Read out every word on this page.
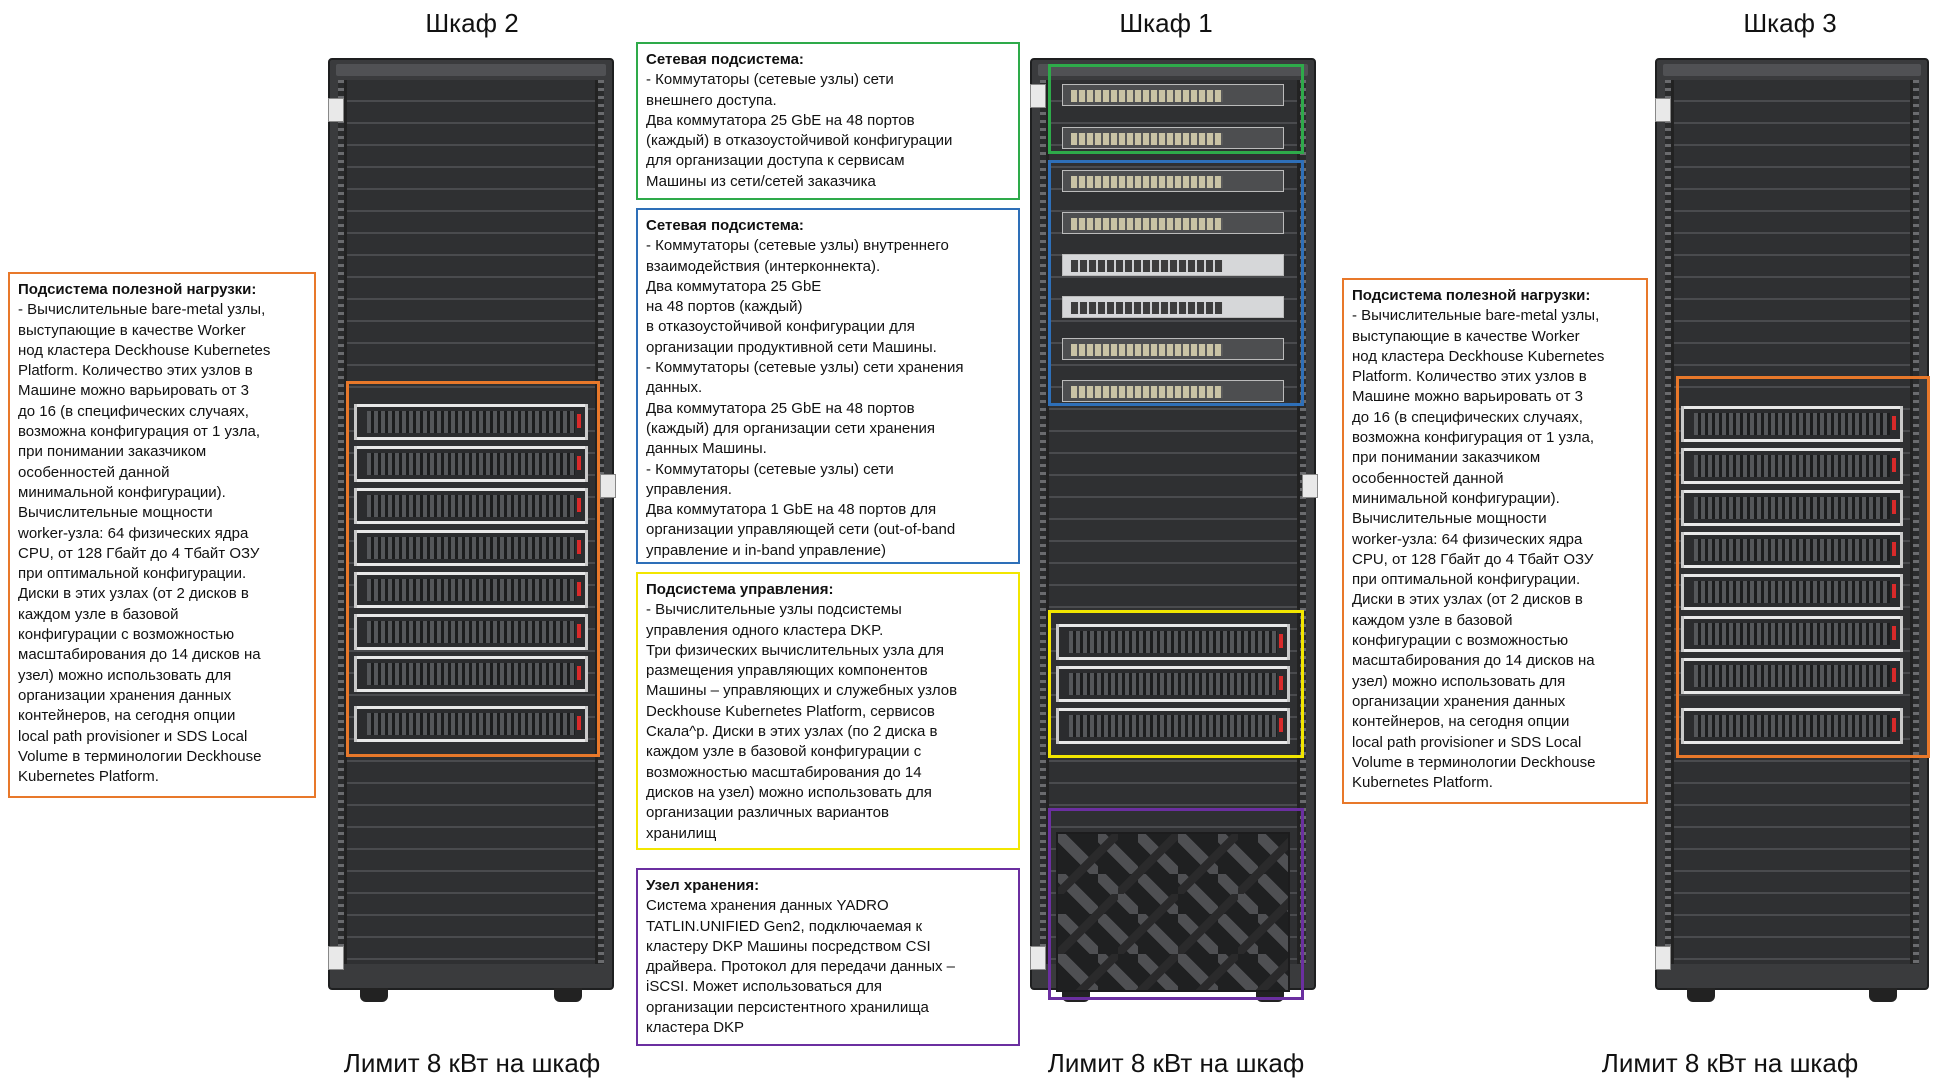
Шкаф 2	Шкаф 1	Шкаф 3
Подсистема полезной нагрузки:
- Вычислительные bare-metal узлы,
выступающие в качестве Worker
нод кластера Deckhouse Kubernetes
Platform. Количество этих узлов в
Машине можно варьировать от 3
до 16 (в специфических случаях,
возможна конфигурация от 1 узла,
при понимании заказчиком
особенностей данной
минимальной конфигурации).
Вычислительные мощности
worker-узла: 64 физических ядра
CPU, от 128 Гбайт до 4 Тбайт ОЗУ
при оптимальной конфигурации.
Диски в этих узлах (от 2 дисков в
каждом узле в базовой
конфигурации с возможностью
масштабирования до 14 дисков на
узел) можно использовать для
организации хранения данных
контейнеров, на сегодня опции
local path provisioner и SDS Local
Volume в терминологии Deckhouse
Kubernetes Platform.
Сетевая подсистема:
- Коммутаторы (сетевые узлы) сети
внешнего доступа.
Два коммутатора 25 GbE на 48 портов
(каждый) в отказоустойчивой конфигурации
для организации доступа к сервисам
Машины из сети/сетей заказчика
Сетевая подсистема:
- Коммутаторы (сетевые узлы) внутреннего
взаимодействия (интерконнекта).
Два коммутатора 25 GbE
на 48 портов (каждый)
в отказоустойчивой конфигурации для
организации продуктивной сети Машины.
- Коммутаторы (сетевые узлы) сети хранения
данных.
Два коммутатора 25 GbE на 48 портов
(каждый) для организации сети хранения
данных Машины.
- Коммутаторы (сетевые узлы) сети
управления.
Два коммутатора 1 GbE на 48 портов для
организации управляющей сети (out-of-band
управление и in-band управление)
Подсистема управления:
- Вычислительные узлы подсистемы
управления одного кластера DKP.
Три физических вычислительных узла для
размещения управляющих компонентов
Машины – управляющих и служебных узлов
Deckhouse Kubernetes Platform, сервисов
Скала^р. Диски в этих узлах (по 2 диска в
каждом узле в базовой конфигурации с
возможностью масштабирования до 14
дисков на узел) можно использовать для
организации различных вариантов
хранилищ
Узел хранения:
Система хранения данных YADRO
TATLIN.UNIFIED Gen2, подключаемая к
кластеру DKP Машины посредством CSI
драйвера. Протокол для передачи данных –
iSCSI. Может использоваться для
организации персистентного хранилища
кластера DKP
Подсистема полезной нагрузки:
- Вычислительные bare-metal узлы,
выступающие в качестве Worker
нод кластера Deckhouse Kubernetes
Platform. Количество этих узлов в
Машине можно варьировать от 3
до 16 (в специфических случаях,
возможна конфигурация от 1 узла,
при понимании заказчиком
особенностей данной
минимальной конфигурации).
Вычислительные мощности
worker-узла: 64 физических ядра
CPU, от 128 Гбайт до 4 Тбайт ОЗУ
при оптимальной конфигурации.
Диски в этих узлах (от 2 дисков в
каждом узле в базовой
конфигурации с возможностью
масштабирования до 14 дисков на
узел) можно использовать для
организации хранения данных
контейнеров, на сегодня опции
local path provisioner и SDS Local
Volume в терминологии Deckhouse
Kubernetes Platform.
Лимит 8 кВт на шкаф	Лимит 8 кВт на шкаф	Лимит 8 кВт на шкаф
